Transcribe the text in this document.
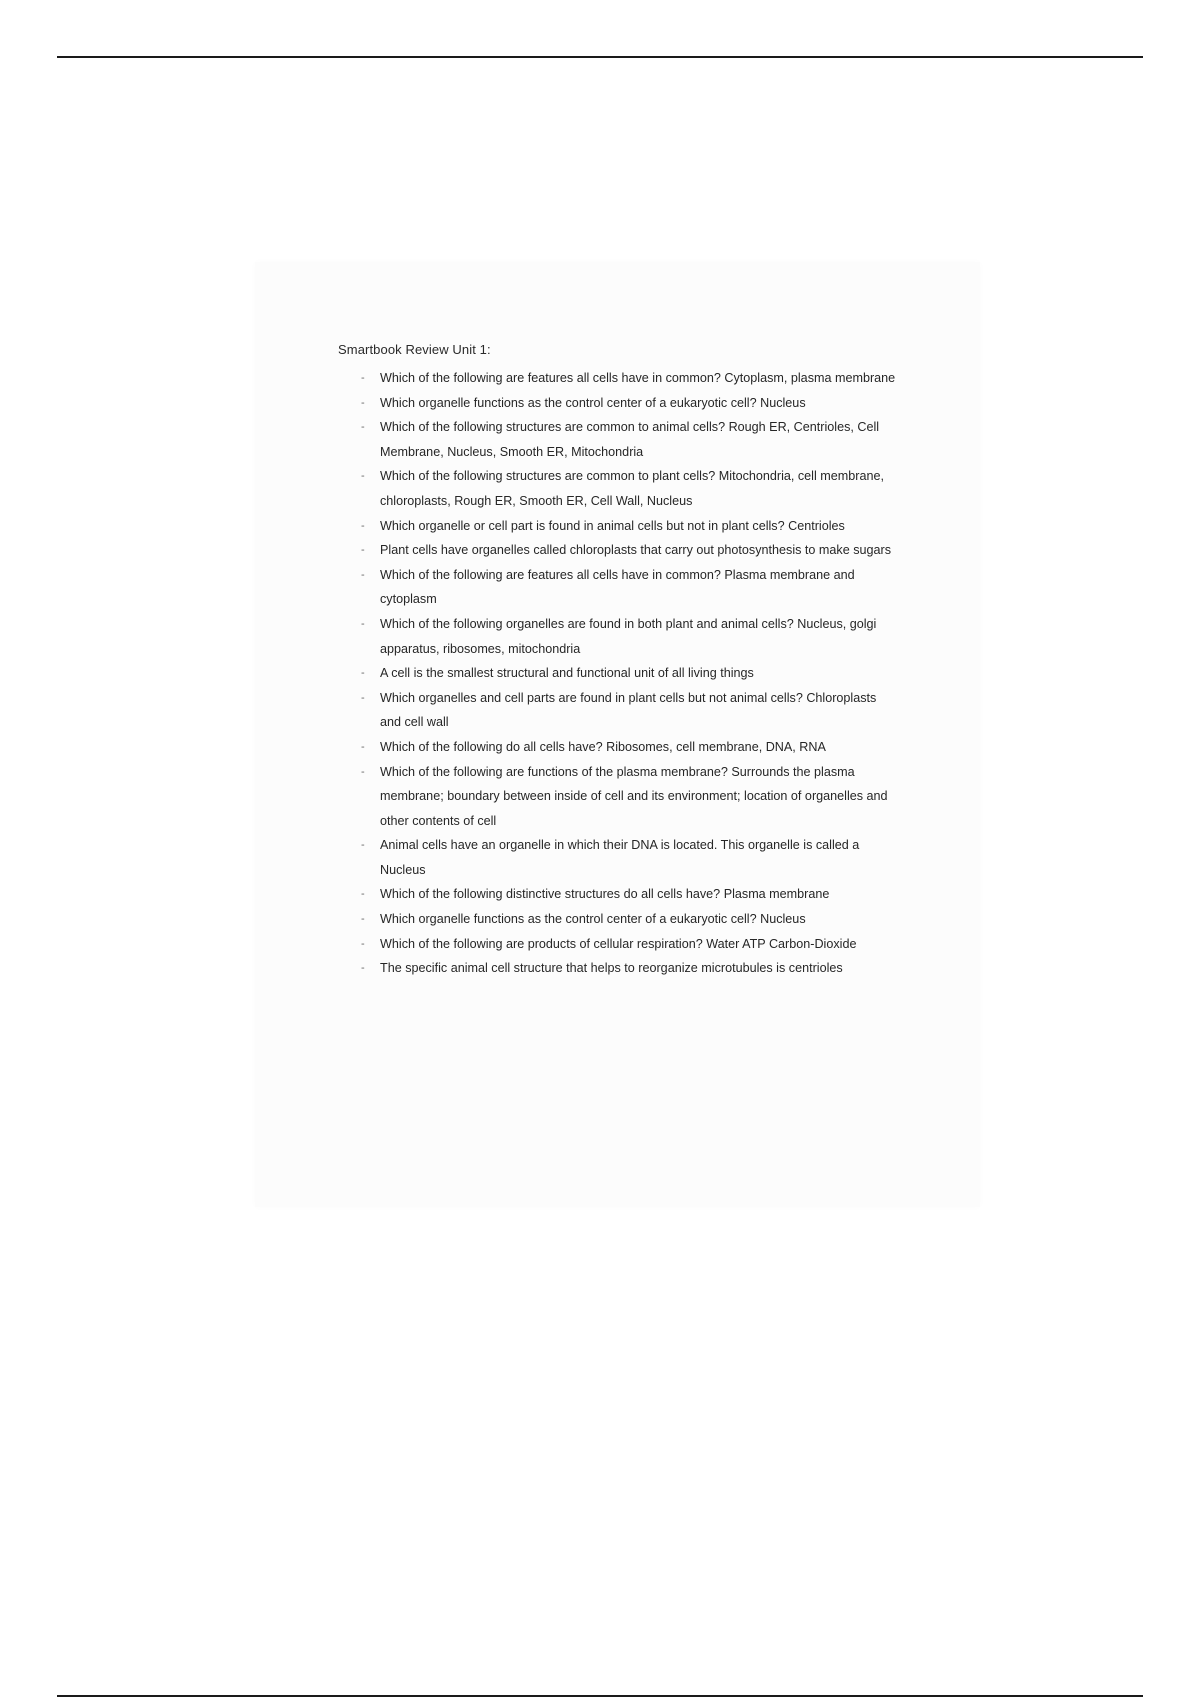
Smartbook Review Unit 1:
-	Which of the following are features all cells have in common? Cytoplasm, plasma membrane
-	Which organelle functions as the control center of a eukaryotic cell? Nucleus
-	Which of the following structures are common to animal cells? Rough ER, Centrioles, Cell Membrane, Nucleus, Smooth ER, Mitochondria
-	Which of the following structures are common to plant cells? Mitochondria, cell membrane, chloroplasts, Rough ER, Smooth ER, Cell Wall, Nucleus
-	Which organelle or cell part is found in animal cells but not in plant cells? Centrioles
-	Plant cells have organelles called chloroplasts that carry out photosynthesis to make sugars
-	Which of the following are features all cells have in common? Plasma membrane and cytoplasm
-	Which of the following organelles are found in both plant and animal cells? Nucleus, golgi apparatus, ribosomes, mitochondria
-	A cell is the smallest structural and functional unit of all living things
-	Which organelles and cell parts are found in plant cells but not animal cells? Chloroplasts and cell wall
-	Which of the following do all cells have? Ribosomes, cell membrane, DNA, RNA
-	Which of the following are functions of the plasma membrane? Surrounds the plasma membrane; boundary between inside of cell and its environment; location of organelles and other contents of cell
-	Animal cells have an organelle in which their DNA is located. This organelle is called a Nucleus
-	Which of the following distinctive structures do all cells have? Plasma membrane
-	Which organelle functions as the control center of a eukaryotic cell? Nucleus
-	Which of the following are products of cellular respiration? Water ATP Carbon-Dioxide
-	The specific animal cell structure that helps to reorganize microtubules is centrioles
